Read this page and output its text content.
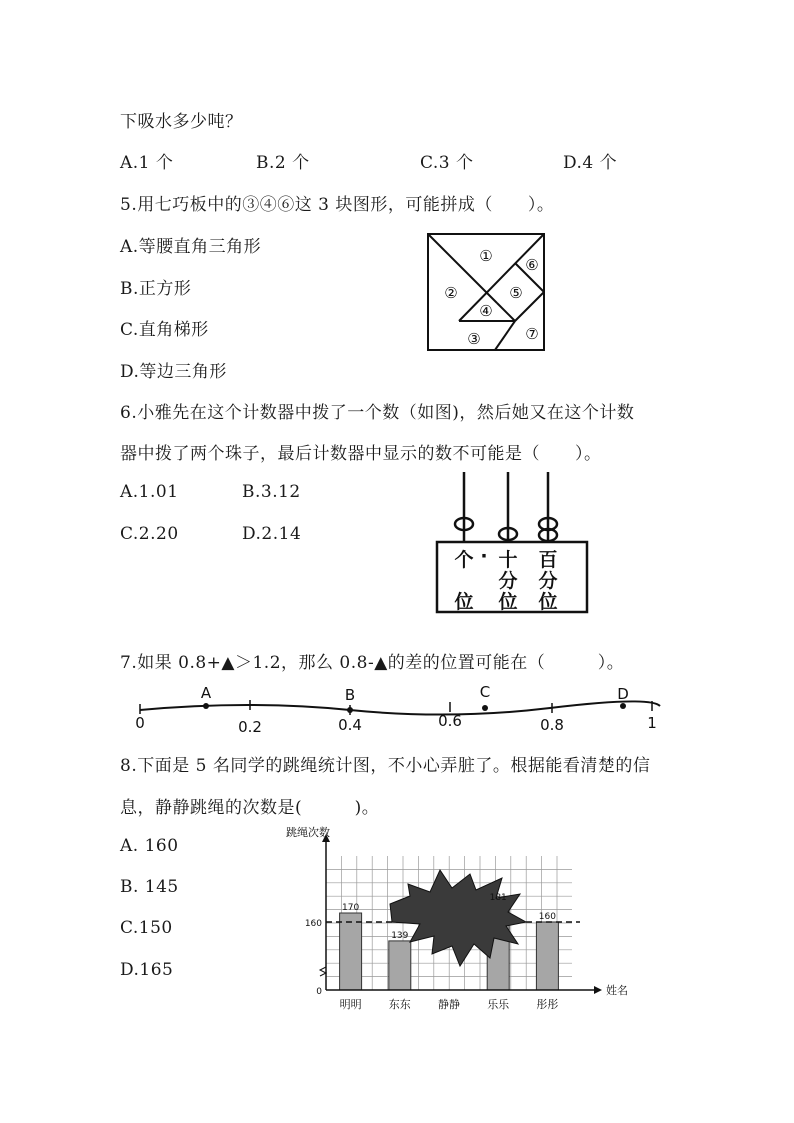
下吸水多少吨？
A.1 个	B.2 个	C.3 个	D.4 个
5.用七巧板中的③④⑥这 3 块图形，可能拼成（　　）。
A.等腰直角三角形
B.正方形
C.直角梯形
D.等边三角形
①
②
③
④
⑤
⑥
⑦
6.小雅先在这个计数器中拨了一个数（如图)，然后她又在这个计数
器中拨了两个珠子，最后计数器中显示的数不可能是（　　）。
A.1.01	B.3.12
C.2.20	D.2.14
个 · 十 百
分 分
位 位 位
7.如果 0.8+▲＞1.2，那么 0.8-▲的差的位置可能在（　　　）。
0	0.2	0.4	0.6	0.8	1
A	B	C	D
8.下面是 5 名同学的跳绳统计图，不小心弄脏了。根据能看清楚的信
息，静静跳绳的次数是(　　　)。
A. 160
B. 145
C.150
D.165
170
明明
139
东东 静静
181
乐乐
160
彤彤
160
0
跳绳次数
姓名
